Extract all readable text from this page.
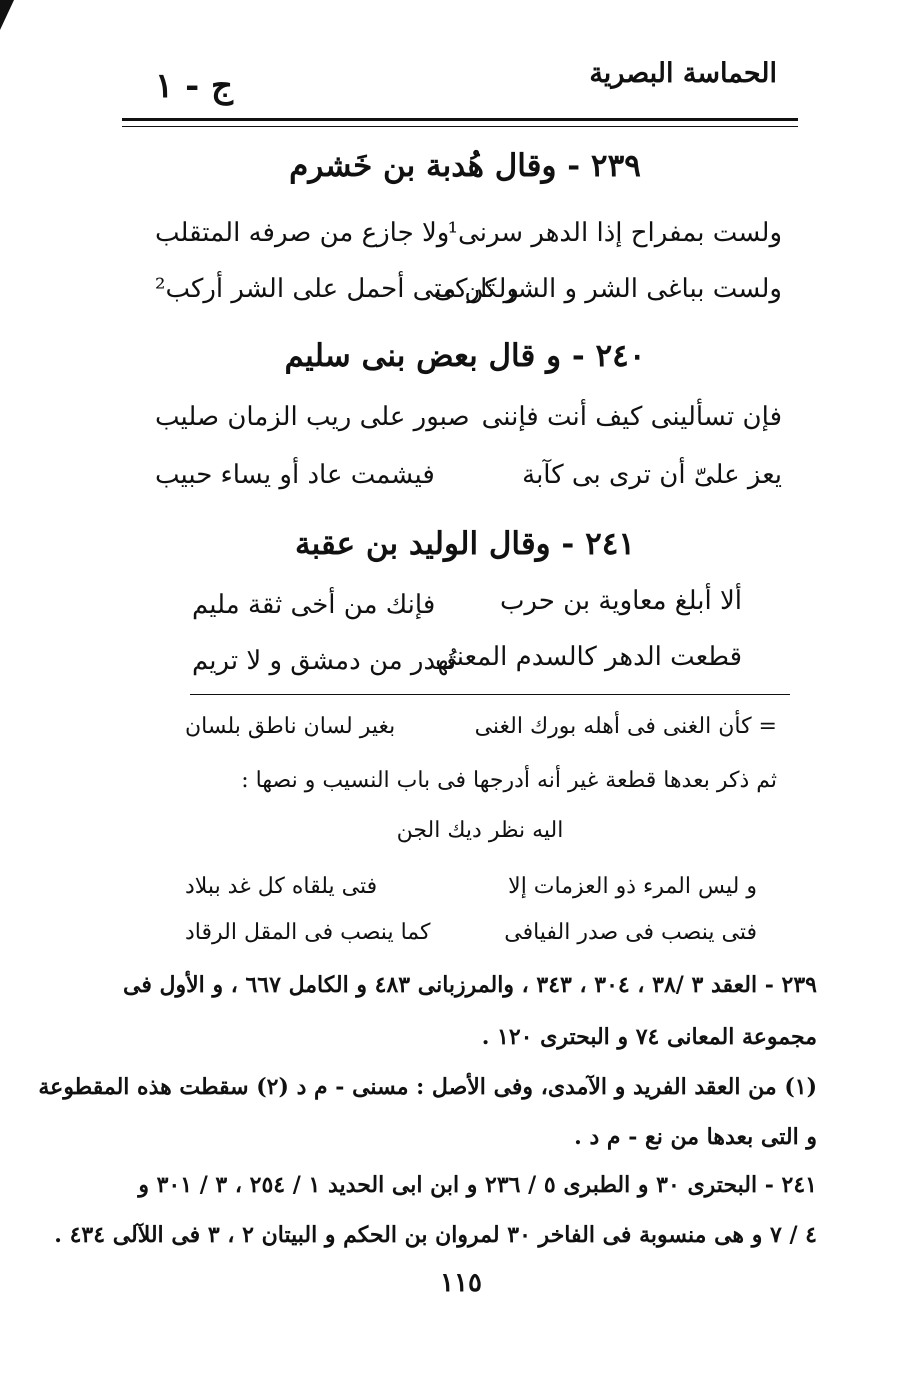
الحماسة البصرية
ج - ١
٢٣٩ - وقال هُدبة بن خَشرم
ولست بمفراح إذا الدهر سرنى¹
ولا جازع من صرفه المتقلب
ولست بباغى الشر و الشر تاركى
ولكن متى أحمل على الشر أركب²
٢٤٠ - و قال بعض بنى سليم
فإن تسألينى كيف أنت فإننى
صبور على ريب الزمان صليب
يعز علىّ أن ترى بى كآبة
فيشمت عاد أو يساء حبيب
٢٤١ - وقال الوليد بن عقبة
ألا أبلغ معاوية بن حرب
فإنك من أخى ثقة مليم
قطعت الدهر كالسدم المعنى
تُهدر من دمشق و لا تريم
= كأن الغنى فى أهله بورك الغنى
بغير لسان ناطق بلسان
ثم ذكر بعدها قطعة غير أنه أدرجها فى باب النسيب و نصها :
اليه نظر ديك الجن
و ليس المرء ذو العزمات إلا
فتى يلقاه كل غد ببلاد
فتى ينصب فى صدر الفيافى
كما ينصب فى المقل الرقاد
٢٣٩ - العقد ٣ /٣٨ ، ٣٠٤ ، ٣٤٣ ، والمرزبانى ٤٨٣ و الكامل ٦٦٧ ، و الأول فى
مجموعة المعانى ٧٤ و البحترى ١٢٠ .
(١) من العقد الفريد و الآمدى، وفى الأصل : مسنى - م د (٢) سقطت هذه المقطوعة
و التى بعدها من نع - م د .
٢٤١ - البحترى ٣٠ و الطبرى ٥ / ٢٣٦ و ابن ابى الحديد ١ / ٢٥٤ ، ٣ / ٣٠١ و
٤ / ٧ و هى منسوبة فى الفاخر ٣٠ لمروان بن الحكم و البيتان ٢ ، ٣ فى اللآلى ٤٣٤ .
١١٥
